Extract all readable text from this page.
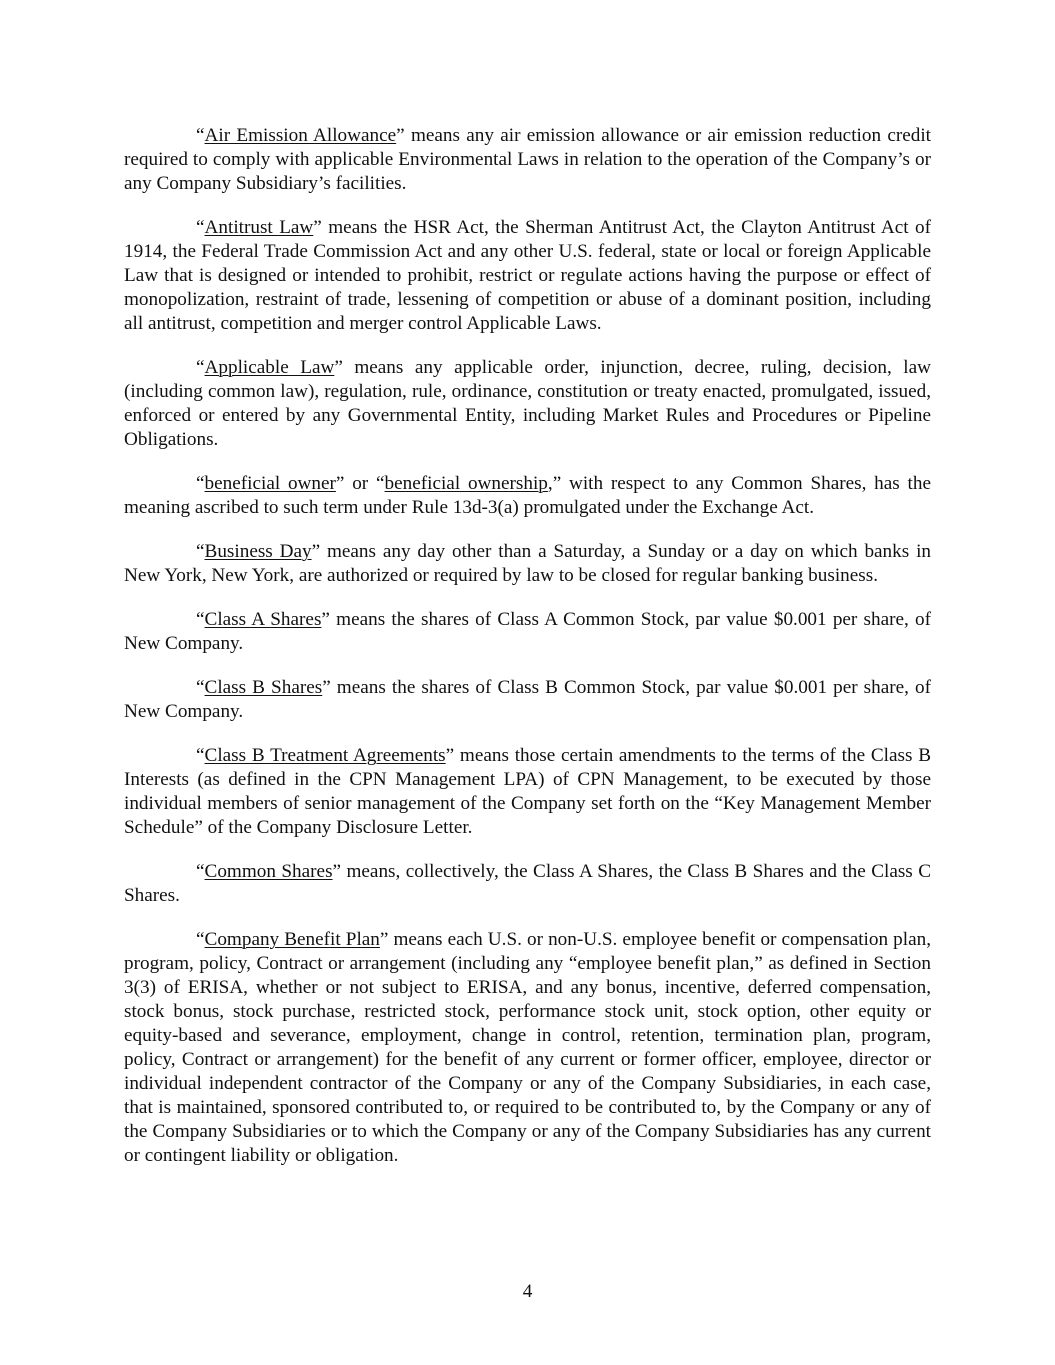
“Air Emission Allowance” means any air emission allowance or air emission reduction credit required to comply with applicable Environmental Laws in relation to the operation of the Company’s or any Company Subsidiary’s facilities.

“Antitrust Law” means the HSR Act, the Sherman Antitrust Act, the Clayton Antitrust Act of 1914, the Federal Trade Commission Act and any other U.S. federal, state or local or foreign Applicable Law that is designed or intended to prohibit, restrict or regulate actions having the purpose or effect of monopolization, restraint of trade, lessening of competition or abuse of a dominant position, including all antitrust, competition and merger control Applicable Laws.

“Applicable Law” means any applicable order, injunction, decree, ruling, decision, law (including common law), regulation, rule, ordinance, constitution or treaty enacted, promulgated, issued, enforced or entered by any Governmental Entity, including Market Rules and Procedures or Pipeline Obligations.

“beneficial owner” or “beneficial ownership,” with respect to any Common Shares, has the meaning ascribed to such term under Rule 13d-3(a) promulgated under the Exchange Act.

“Business Day” means any day other than a Saturday, a Sunday or a day on which banks in New York, New York, are authorized or required by law to be closed for regular banking business.

“Class A Shares” means the shares of Class A Common Stock, par value $0.001 per share, of New Company.

“Class B Shares” means the shares of Class B Common Stock, par value $0.001 per share, of New Company.

“Class B Treatment Agreements” means those certain amendments to the terms of the Class B Interests (as defined in the CPN Management LPA) of CPN Management, to be executed by those individual members of senior management of the Company set forth on the “Key Management Member Schedule” of the Company Disclosure Letter.

“Common Shares” means, collectively, the Class A Shares, the Class B Shares and the Class C Shares.

“Company Benefit Plan” means each U.S. or non-U.S. employee benefit or compensation plan, program, policy, Contract or arrangement (including any “employee benefit plan,” as defined in Section 3(3) of ERISA, whether or not subject to ERISA, and any bonus, incentive, deferred compensation, stock bonus, stock purchase, restricted stock, performance stock unit, stock option, other equity or equity-based and severance, employment, change in control, retention, termination plan, program, policy, Contract or arrangement) for the benefit of any current or former officer, employee, director or individual independent contractor of the Company or any of the Company Subsidiaries, in each case, that is maintained, sponsored contributed to, or required to be contributed to, by the Company or any of the Company Subsidiaries or to which the Company or any of the Company Subsidiaries has any current or contingent liability or obligation.

4
